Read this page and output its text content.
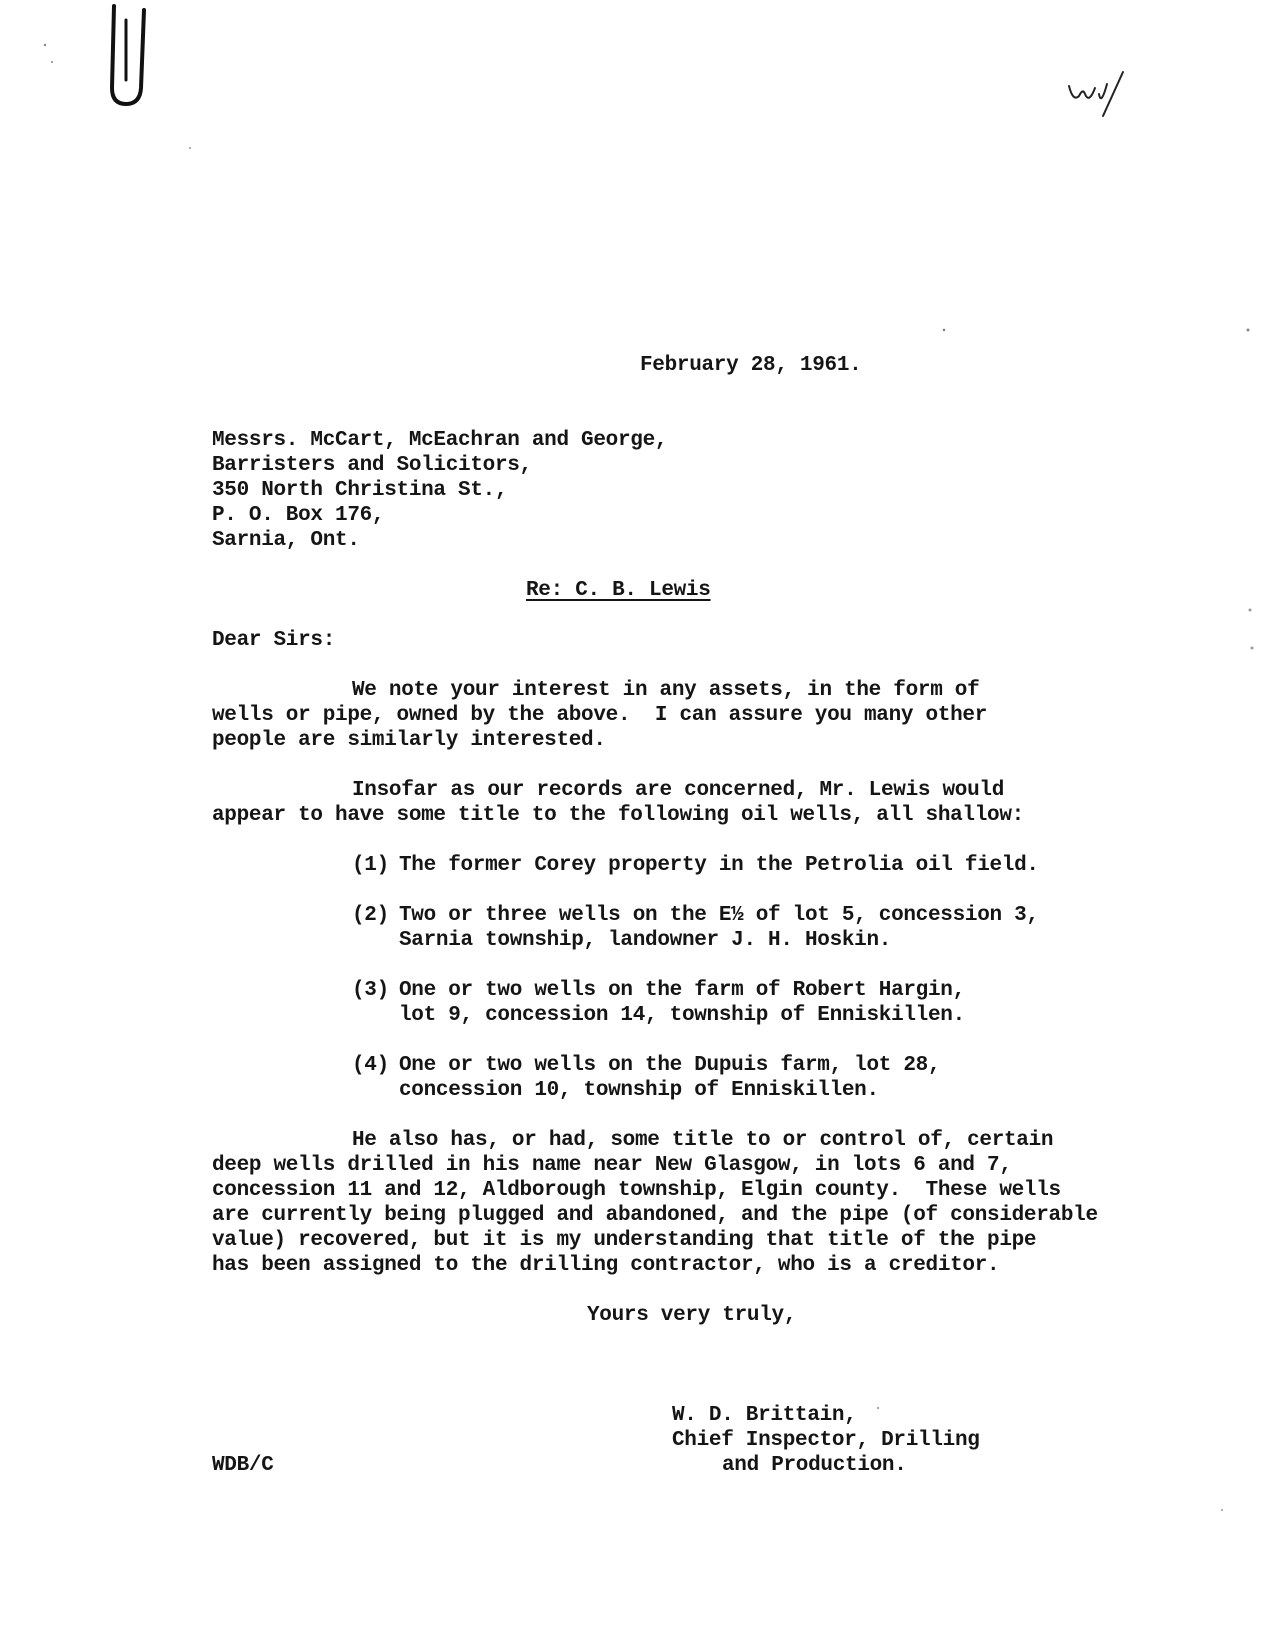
February 28, 1961.
Messrs. McCart, McEachran and George,
Barristers and Solicitors,
350 North Christina St.,
P. O. Box 176,
Sarnia, Ont.
Re: C. B. Lewis
Dear Sirs:
We note your interest in any assets, in the form of
wells or pipe, owned by the above.  I can assure you many other
people are similarly interested.
Insofar as our records are concerned, Mr. Lewis would
appear to have some title to the following oil wells, all shallow:
(1) The former Corey property in the Petrolia oil field.
(2) Two or three wells on the E½ of lot 5, concession 3,
Sarnia township, landowner J. H. Hoskin.
(3) One or two wells on the farm of Robert Hargin,
lot 9, concession 14, township of Enniskillen.
(4) One or two wells on the Dupuis farm, lot 28,
concession 10, township of Enniskillen.
He also has, or had, some title to or control of, certain
deep wells drilled in his name near New Glasgow, in lots 6 and 7,
concession 11 and 12, Aldborough township, Elgin county.  These wells
are currently being plugged and abandoned, and the pipe (of considerable
value) recovered, but it is my understanding that title of the pipe
has been assigned to the drilling contractor, who is a creditor.
Yours very truly,
W. D. Brittain,
Chief Inspector, Drilling
and Production.
WDB/C
